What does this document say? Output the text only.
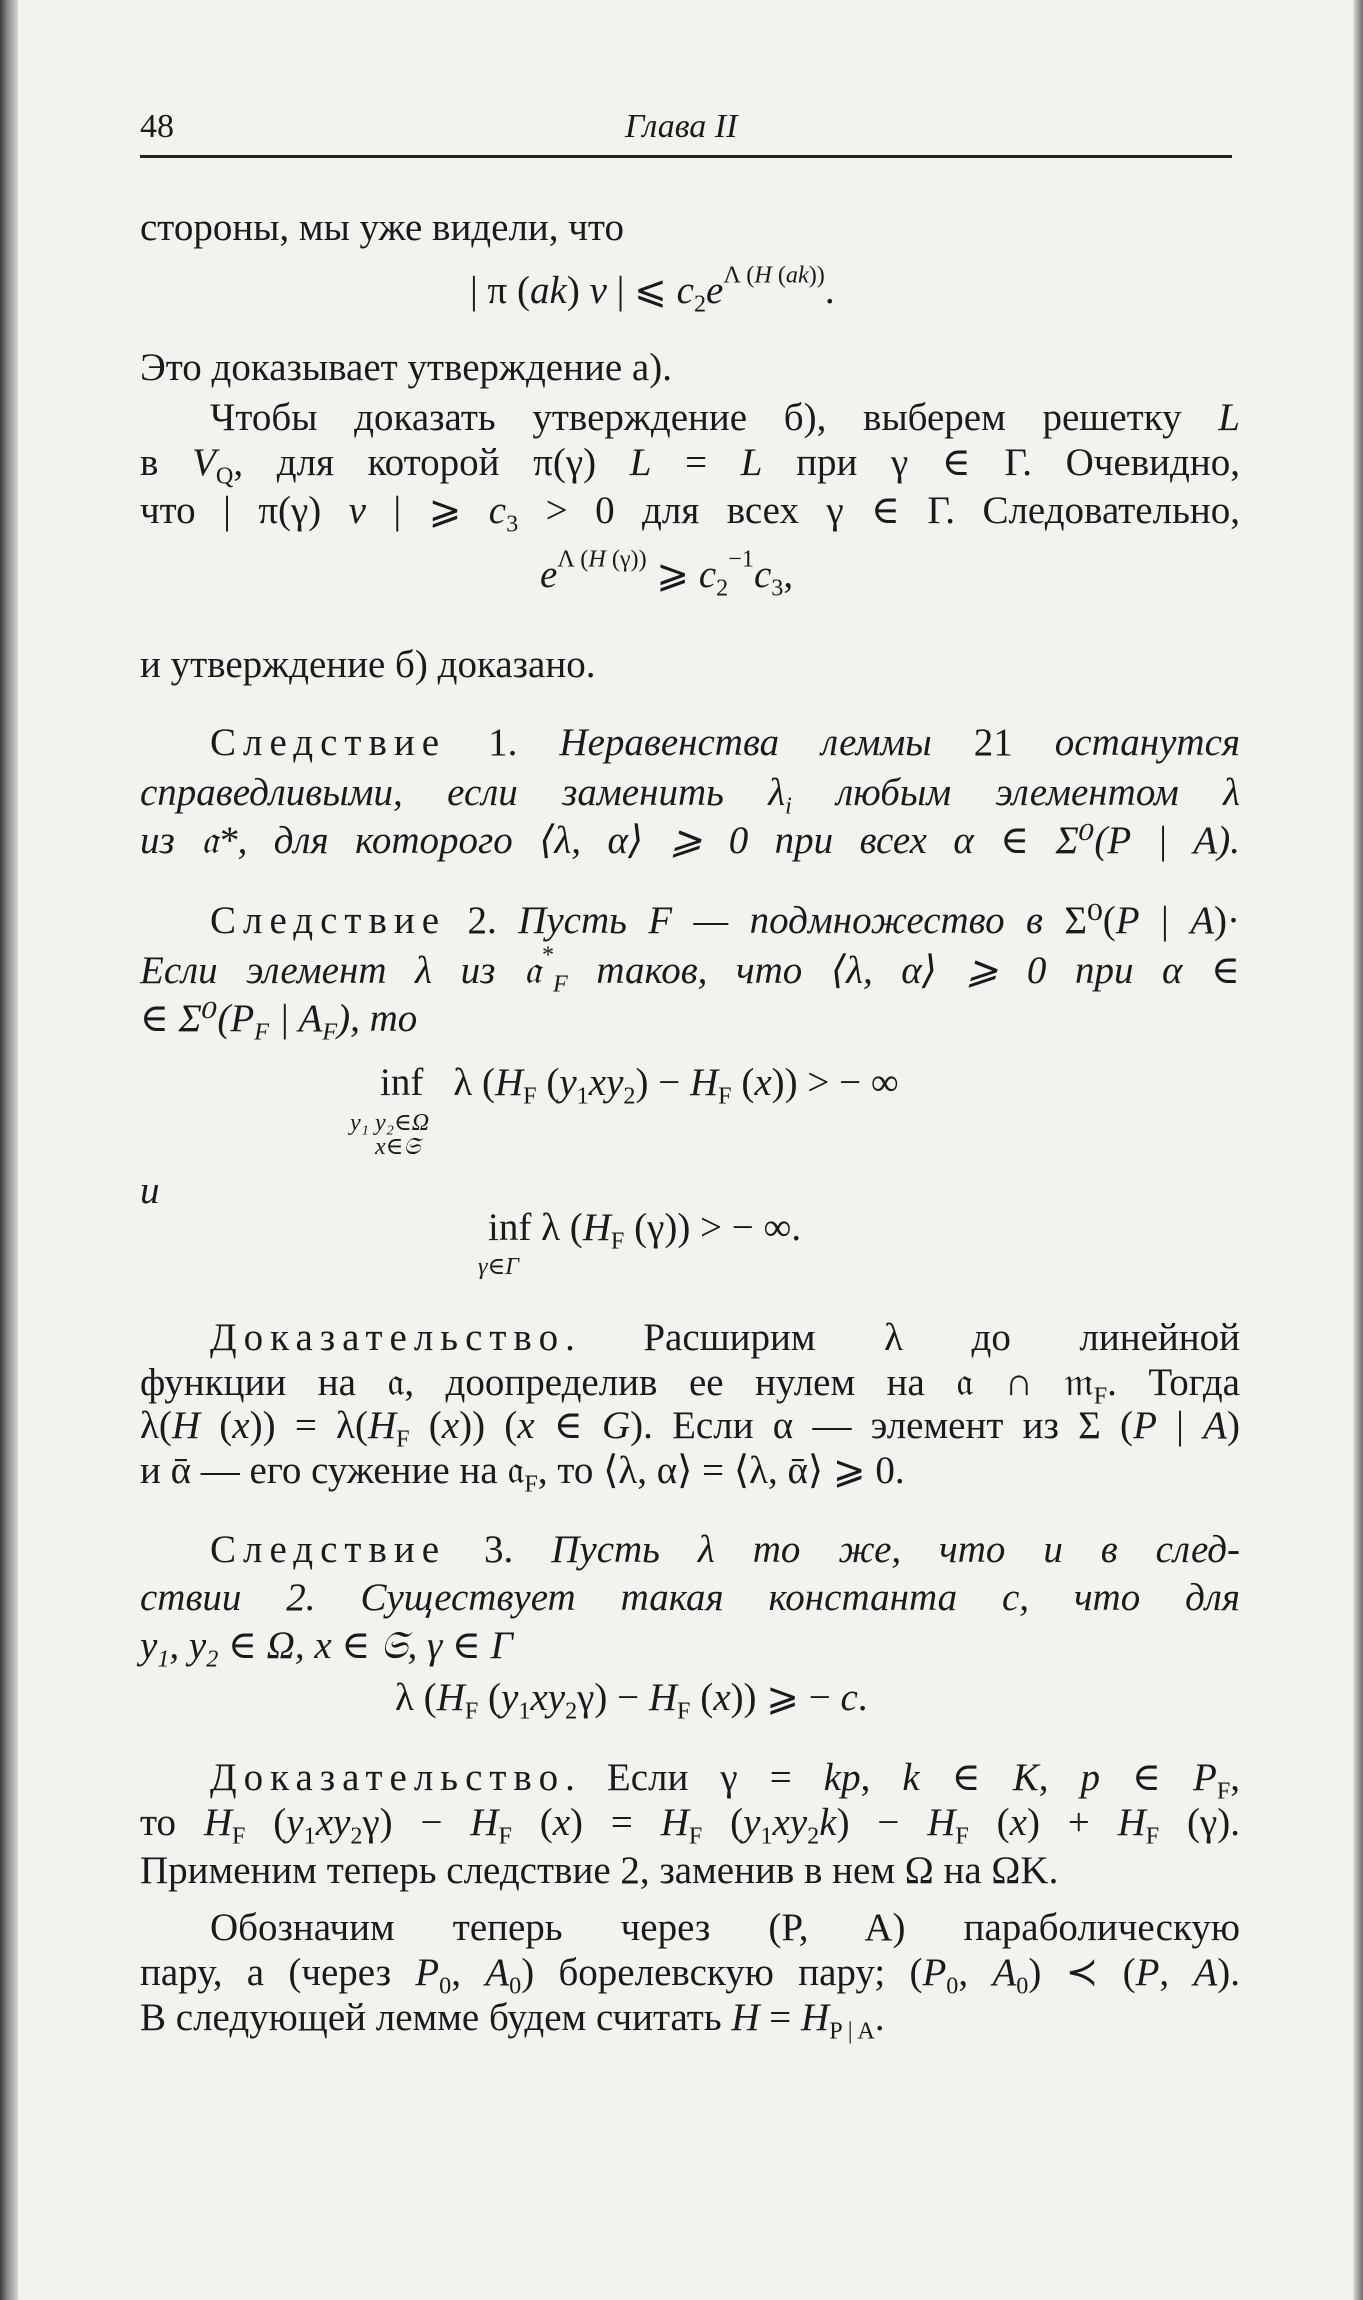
48	Глава II
стороны, мы уже видели, что
| π (ak) v | ⩽ $c_2e^{\Lambda (H (ak))}$.
Это доказывает утверждение а).
Чтобы доказать утверждение б), выберем решетку L
в $V_Q$, для которой π(γ) L = L при γ ∈ Γ. Очевидно,
что | π(γ) v | ⩾ $c_3 > 0$ для всех γ ∈ Γ. Следовательно,
$e^{\Lambda (H (\gamma))}$ ⩾ $c_2^{-1}c_3$,
и утверждение б) доказано.
Следствие 1. Неравенства леммы 21 останутся
справедливыми, если заменить $\lambda_i$ любым элементом λ
из 𝔞*, для которого ⟨λ, α⟩ ⩾ 0 при всех α ∈ Σ⁰(P | A).
Следствие 2. Пусть F — подмножество в Σ⁰(P | A)·
Если элемент λ из 𝔞*$_F$ таков, что ⟨λ, α⟩ ⩾ 0 при α ∈
∈ $\Sigma^0(P_F$ | $A_F$), то
inf λ ($H_F$ $(y_1xy_2) - H_F$ (x)) > − ∞
y₁ y₂∈Ω
x∈𝔖
и
inf λ ($H_F$ (γ)) > − ∞.
γ∈Γ
Доказательство. Расширим λ до линейной
функции на 𝔞, доопределив ее нулем на 𝔞 ∩ 𝔪$_F$. Тогда
λ(H $(x)) = \lambda(H_F$ (x)) (x ∈ G). Если α — элемент из Σ (P | A)
и ᾱ — его сужение на 𝔞$_F$, то ⟨λ, α⟩ = ⟨λ, ᾱ⟩ ⩾ 0.
Следствие 3. Пусть λ то же, что и в след-
ствии 2. Существует такая константа c, что для
$y_1$, $y_2$ ∈ Ω, x ∈ 𝔖, γ ∈ Γ
λ ($H_F$ $(y_1xy_2\gamma) - H_F$ (x)) ⩾ − c.
Доказательство. Если γ = kp, k ∈ K, p ∈ $P_F$,
то $H_F$ $(y_1xy_2\gamma) - H_F$ $(x) = H_F$ $(y_1xy_2k) - H_F$ $(x) + H_F$ (γ).
Применим теперь следствие 2, заменив в нем Ω на ΩK.
Обозначим теперь через (P, A) параболическую
пару, а (через $P_0$, $A_0$) борелевскую пару; ($P_0$, $A_0$) ≺ (P, A).
В следующей лемме будем считать $H = H_{P | A}$.
